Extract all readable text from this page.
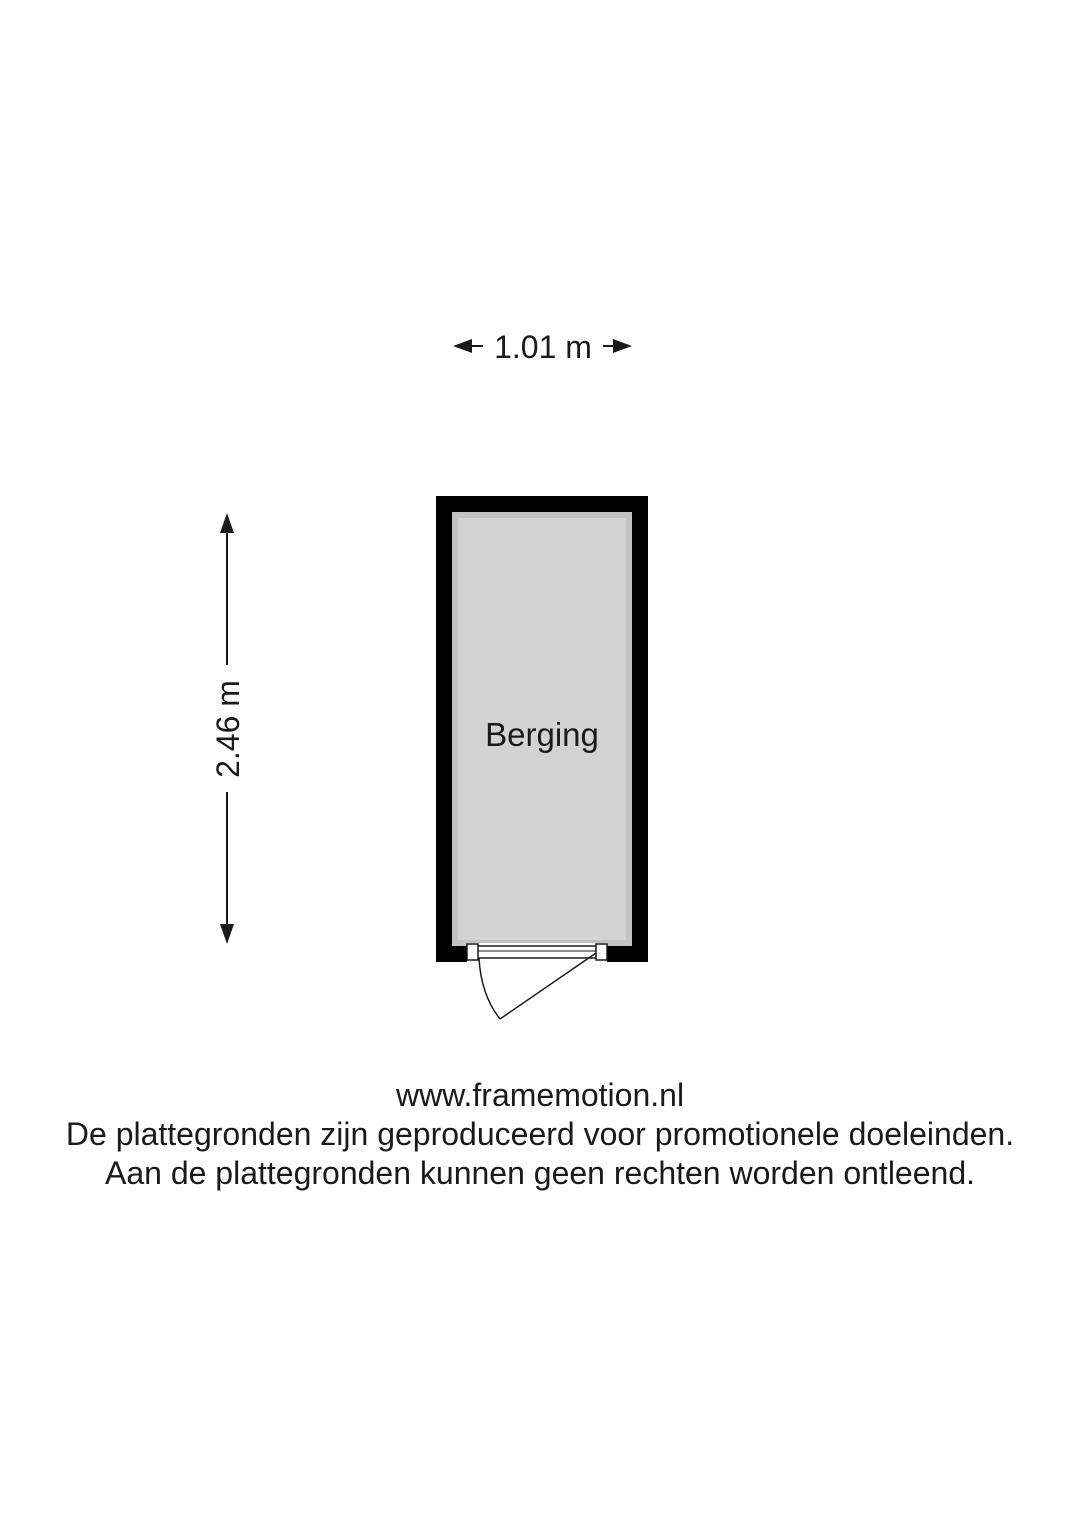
1.01 m
2.46 m	Berging
www.framemotion.nl
De plattegronden zijn geproduceerd voor promotionele doeleinden.
Aan de plattegronden kunnen geen rechten worden ontleend.
